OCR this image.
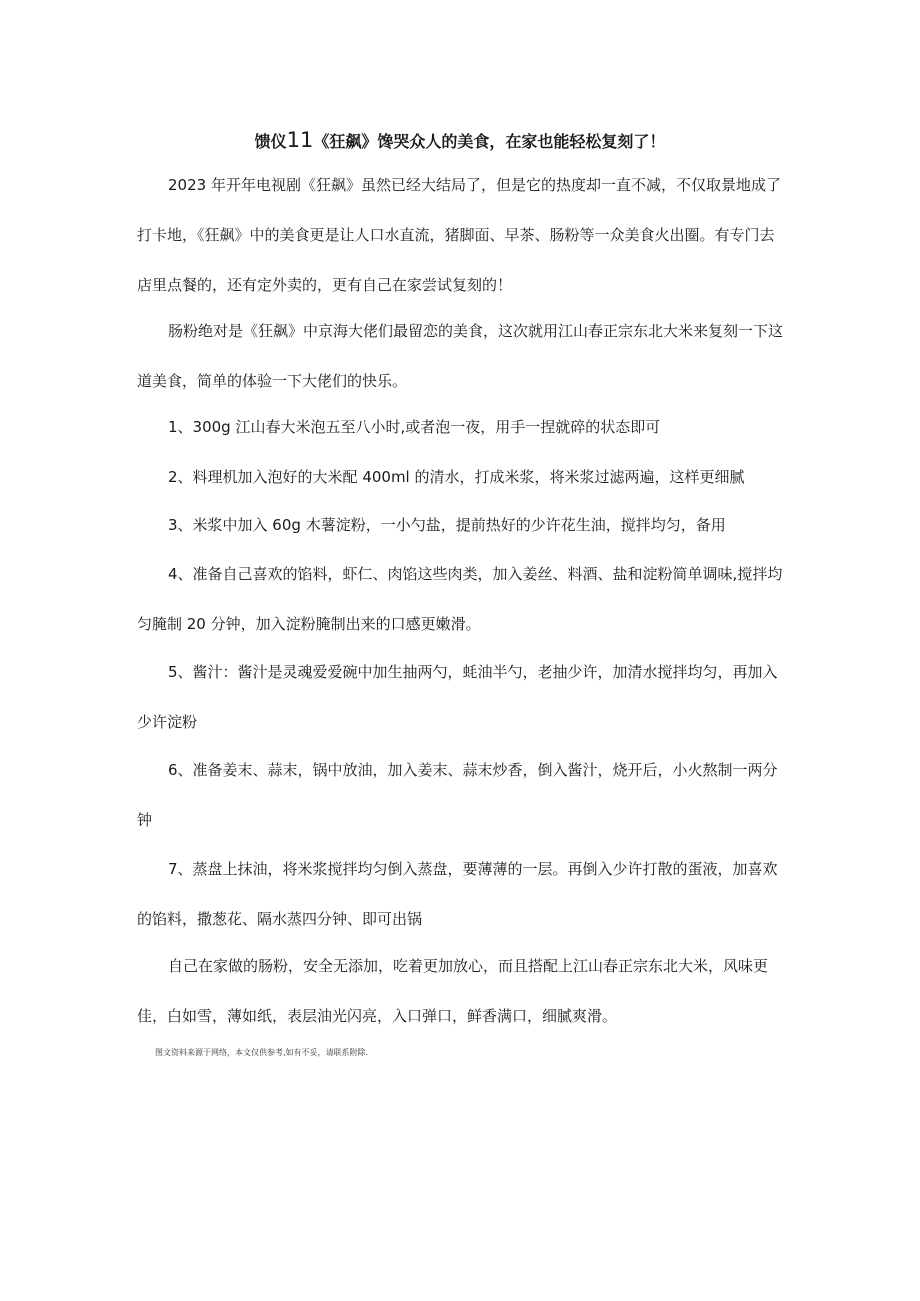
馈仪11《狂飙》馋哭众人的美食，在家也能轻松复刻了！

2023 年开年电视剧《狂飙》虽然已经大结局了，但是它的热度却一直不减，不仅取景地成了打卡地，《狂飙》中的美食更是让人口水直流，猪脚面、早茶、肠粉等一众美食火出圈。有专门去店里点餐的，还有定外卖的，更有自己在家尝试复刻的！

肠粉绝对是《狂飙》中京海大佬们最留恋的美食，这次就用江山春正宗东北大米来复刻一下这道美食，简单的体验一下大佬们的快乐。

1、300g 江山春大米泡五至八小时,或者泡一夜，用手一捏就碎的状态即可

2、料理机加入泡好的大米配 400ml 的清水，打成米浆，将米浆过滤两遍，这样更细腻

3、米浆中加入 60g 木薯淀粉，一小勺盐，提前热好的少许花生油，搅拌均匀，备用

4、准备自己喜欢的馅料，虾仁、肉馅这些肉类，加入姜丝、料酒、盐和淀粉简单调味,搅拌均匀腌制 20 分钟，加入淀粉腌制出来的口感更嫩滑。

5、酱汁：酱汁是灵魂爱爱碗中加生抽两勺，蚝油半勺，老抽少许，加清水搅拌均匀，再加入少许淀粉

6、准备姜末、蒜末，锅中放油，加入姜末、蒜末炒香，倒入酱汁，烧开后，小火熬制一两分钟

7、蒸盘上抹油，将米浆搅拌均匀倒入蒸盘，要薄薄的一层。再倒入少许打散的蛋液，加喜欢的馅料，撒葱花、隔水蒸四分钟、即可出锅

自己在家做的肠粉，安全无添加，吃着更加放心，而且搭配上江山春正宗东北大米，风味更佳，白如雪，薄如纸，表层油光闪亮，入口弹口，鲜香满口，细腻爽滑。

图文资料来源于网络，本文仅供参考,如有不妥，请联系附除.
